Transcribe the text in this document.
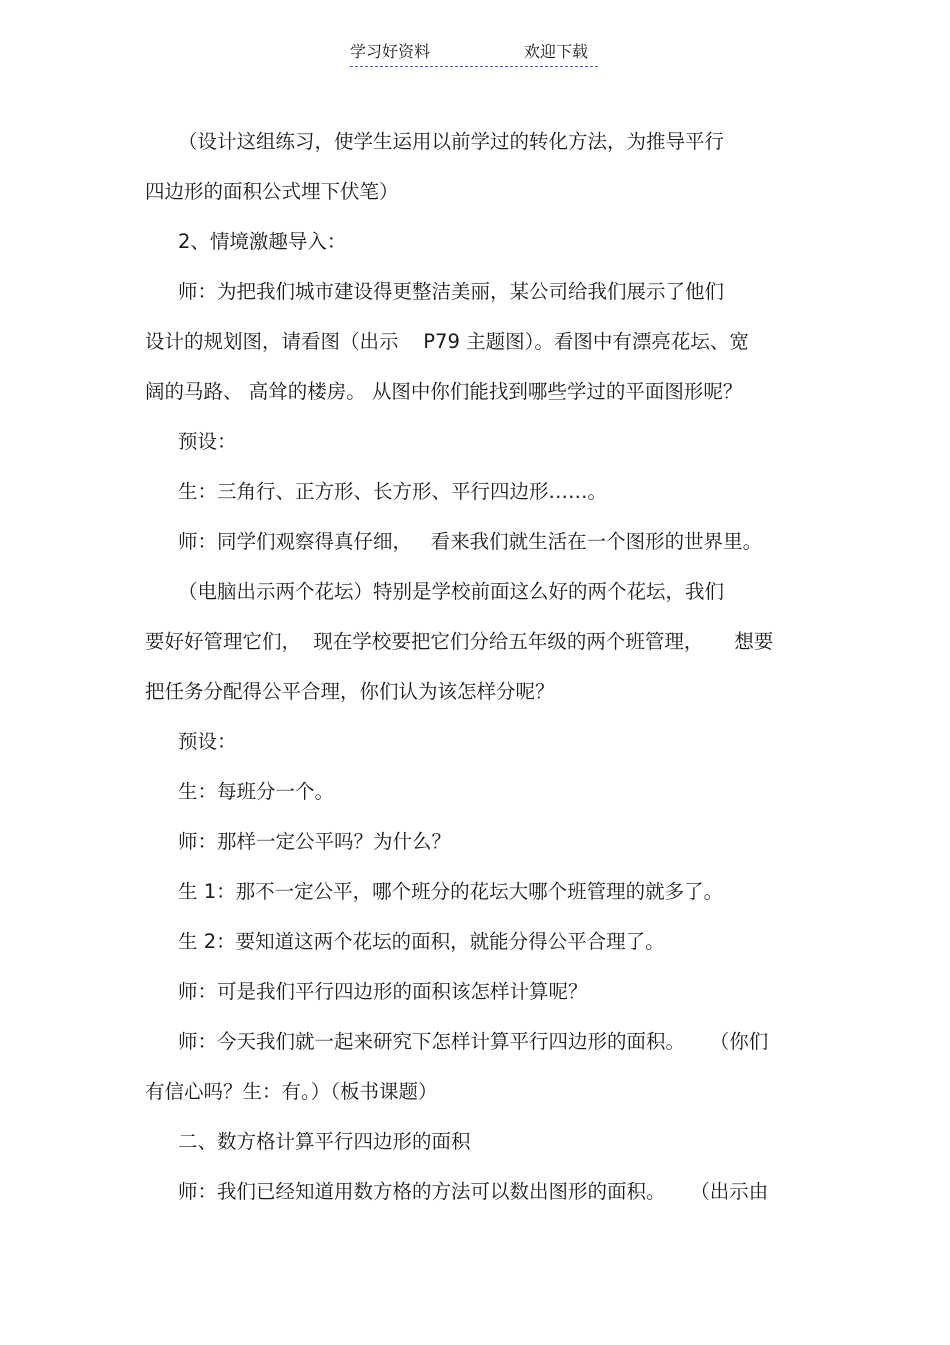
学习好资料	欢迎下载
（设计这组练习，使学生运用以前学过的转化方法，为推导平行
四边形的面积公式埋下伏笔）
2、情境激趣导入：
师：为把我们城市建设得更整洁美丽，某公司给我们展示了他们
设计的规划图，请看图（出示    P79 主题图）。看图中有漂亮花坛、宽
阔的马路、 高耸的楼房。 从图中你们能找到哪些学过的平面图形呢？
预设：
生：三角行、正方形、长方形、平行四边形……。
师：同学们观察得真仔细，   看来我们就生活在一个图形的世界里。
（电脑出示两个花坛）特别是学校前面这么好的两个花坛，我们
要好好管理它们，  现在学校要把它们分给五年级的两个班管理，     想要
把任务分配得公平合理，你们认为该怎样分呢？
预设：
生：每班分一个。
师：那样一定公平吗？为什么？
生 1：那不一定公平，哪个班分的花坛大哪个班管理的就多了。
生 2：要知道这两个花坛的面积，就能分得公平合理了。
师：可是我们平行四边形的面积该怎样计算呢？
师：今天我们就一起来研究下怎样计算平行四边形的面积。    （你们
有信心吗？生：有。）（板书课题）
二、数方格计算平行四边形的面积
师：我们已经知道用数方格的方法可以数出图形的面积。    （出示由
